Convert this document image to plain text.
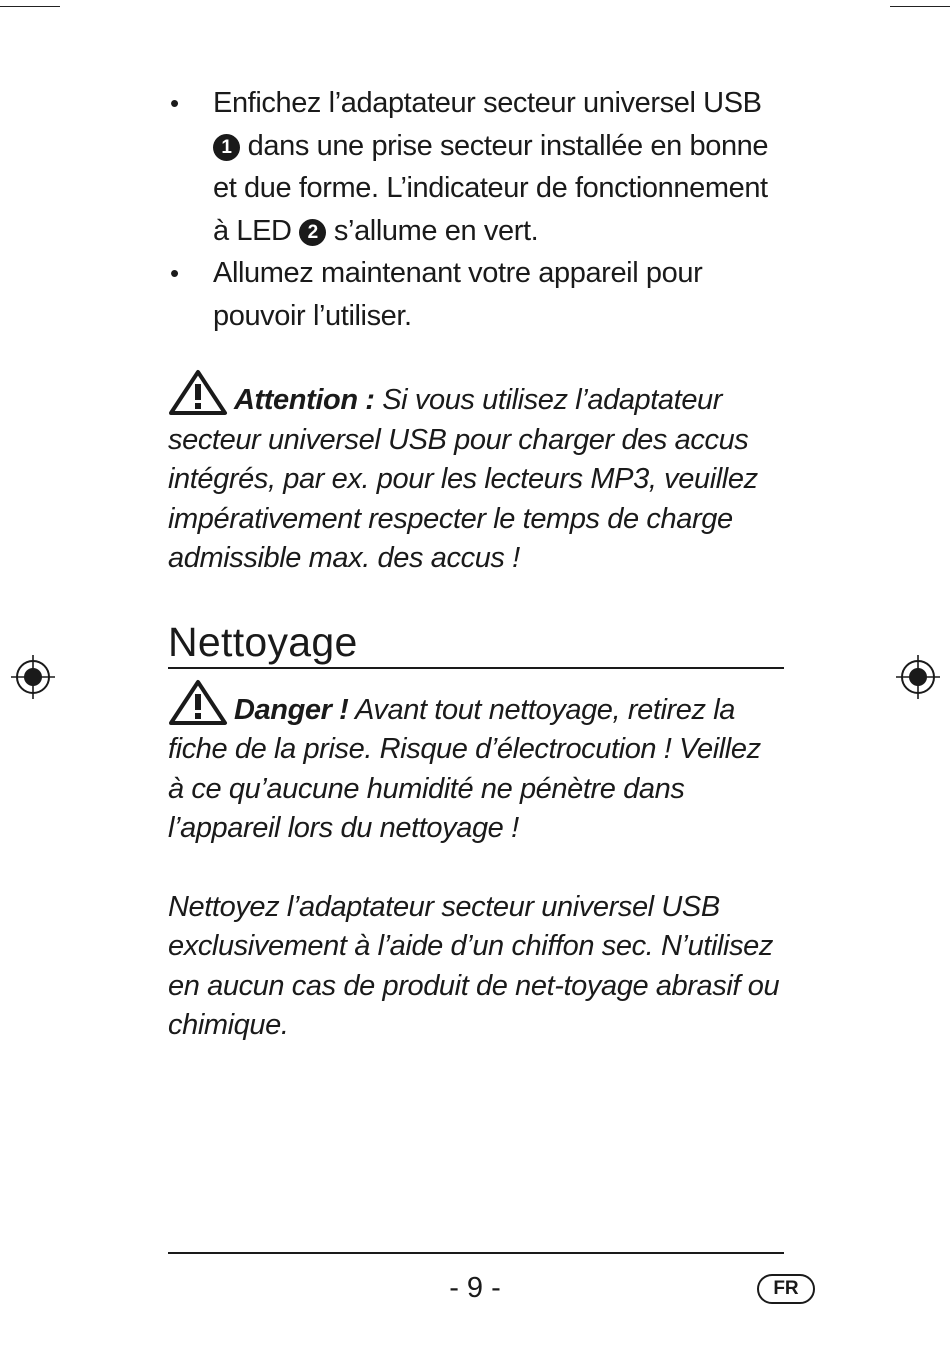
• Enfichez l’adaptateur secteur universel USB 1 dans une prise secteur installée en bonne et due forme. L’indicateur de fonctionnement à LED 2 s’allume en vert.
• Allumez maintenant votre appareil pour pouvoir l’utiliser.

Attention : Si vous utilisez l’adaptateur secteur universel USB pour charger des accus intégrés, par ex. pour les lecteurs MP3, veuillez impérativement respecter le temps de charge admissible max. des accus !

Nettoyage

Danger ! Avant tout nettoyage, retirez la fiche de la prise. Risque d’électrocution ! Veillez à ce qu’aucune humidité ne pénètre dans l’appareil lors du nettoyage !

Nettoyez l’adaptateur secteur universel USB exclusivement à l’aide d’un chiffon sec. N’utilisez en aucun cas de produit de net-toyage abrasif ou chimique.

- 9 -	FR
